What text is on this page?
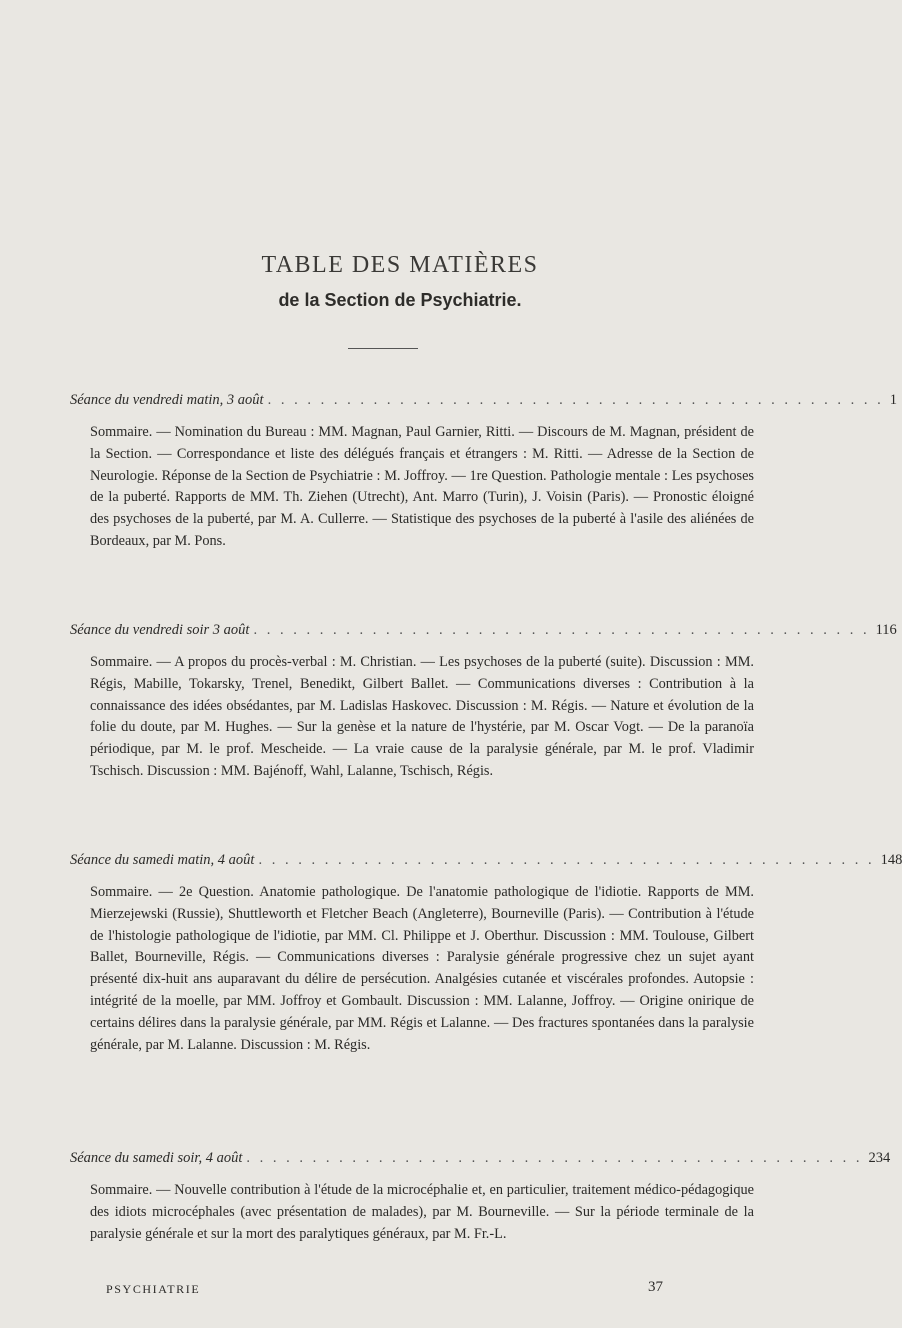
TABLE DES MATIÈRES
de la Section de Psychiatrie.
Séance du vendredi matin, 3 août . . . . . . . . . . . . . . . . . . . . . . . . . . . . . . . . . . . . . . . . . . . . . . . 1
Sommaire. — Nomination du Bureau : MM. Magnan, Paul Garnier, Ritti. — Discours de M. Magnan, président de la Section. — Correspondance et liste des délégués français et étrangers : M. Ritti. — Adresse de la Section de Neurologie. Réponse de la Section de Psychiatrie : M. Joffroy. — 1re Question. Pathologie mentale : Les psychoses de la puberté. Rapports de MM. Th. Ziehen (Utrecht), Ant. Marro (Turin), J. Voisin (Paris). — Pronostic éloigné des psychoses de la puberté, par M. A. Cullerre. — Statistique des psychoses de la puberté à l'asile des aliénées de Bordeaux, par M. Pons.
Séance du vendredi soir 3 août . . . . . . . . . . . . . . . . . . . . . . . . . . . . . . . . . . . . . . . . . . . . . . . 116
Sommaire. — A propos du procès-verbal : M. Christian. — Les psychoses de la puberté (suite). Discussion : MM. Régis, Mabille, Tokarsky, Trenel, Benedikt, Gilbert Ballet. — Communications diverses : Contribution à la connaissance des idées obsédantes, par M. Ladislas Haskovec. Discussion : M. Régis. — Nature et évolution de la folie du doute, par M. Hughes. — Sur la genèse et la nature de l'hystérie, par M. Oscar Vogt. — De la paranoïa périodique, par M. le prof. Mescheide. — La vraie cause de la paralysie générale, par M. le prof. Vladimir Tschisch. Discussion : MM. Bajénoff, Wahl, Lalanne, Tschisch, Régis.
Séance du samedi matin, 4 août . . . . . . . . . . . . . . . . . . . . . . . . . . . . . . . . . . . . . . . . . . . . . . . 148
Sommaire. — 2e Question. Anatomie pathologique. De l'anatomie pathologique de l'idiotie. Rapports de MM. Mierzejewski (Russie), Shuttleworth et Fletcher Beach (Angleterre), Bourneville (Paris). — Contribution à l'étude de l'histologie pathologique de l'idiotie, par MM. Cl. Philippe et J. Oberthur. Discussion : MM. Toulouse, Gilbert Ballet, Bourneville, Régis. — Communications diverses : Paralysie générale progressive chez un sujet ayant présenté dix-huit ans auparavant du délire de persécution. Analgésies cutanée et viscérales profondes. Autopsie : intégrité de la moelle, par MM. Joffroy et Gombault. Discussion : MM. Lalanne, Joffroy. — Origine onirique de certains délires dans la paralysie générale, par MM. Régis et Lalanne. — Des fractures spontanées dans la paralysie générale, par M. Lalanne. Discussion : M. Régis.
Séance du samedi soir, 4 août . . . . . . . . . . . . . . . . . . . . . . . . . . . . . . . . . . . . . . . . . . . . . . . 234
Sommaire. — Nouvelle contribution à l'étude de la microcéphalie et, en particulier, traitement médico-pédagogique des idiots microcéphales (avec présentation de malades), par M. Bourneville. — Sur la période terminale de la paralysie générale et sur la mort des paralytiques généraux, par M. Fr.-L.
PSYCHIATRIE	37
